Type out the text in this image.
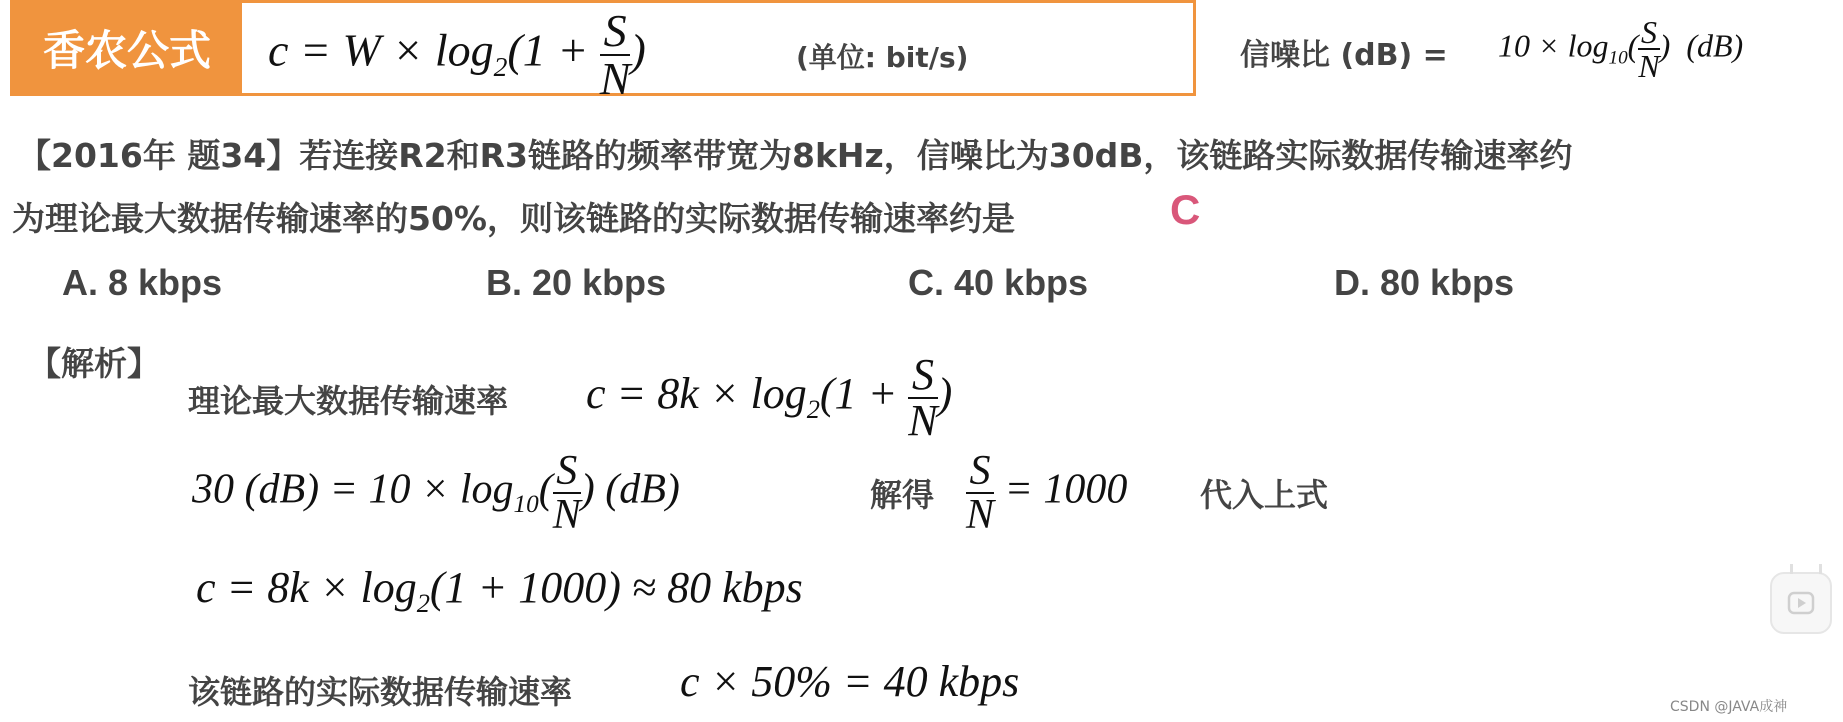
香农公式	$c = W \times \log_2(1 + \frac{S}{N}$ )	(单位: bit/s)	信噪比 $(dB) = 10 \times \log_{10}( \frac{S}{N}$ ) (dB)
【2016年 题34】若连接R2和R3链路的频率带宽为8kHz，信噪比为30dB，该链路实际数据传输速率约
为理论最大数据传输速率的50%，则该链路的实际数据传输速率约是	C
A. 8 kbps	B. 20 kbps	C. 40 kbps	D. 80 kbps
【解析】
理论最大数据传输速率 $c = 8k \times \log_2(1 + \frac{S}{N}$ )
30 $(dB) = 10 \times \log_{10}( \frac{S}{N}$ ) (dB)	解得 $\frac{S}{N} = 1000$ 代入上式
$c = 8k \times \log_2(1 + 1000) \approx 80$ kbps
该链路的实际数据传输速率 c × 50% = 40 kbps
CSDN @JAVA成神
